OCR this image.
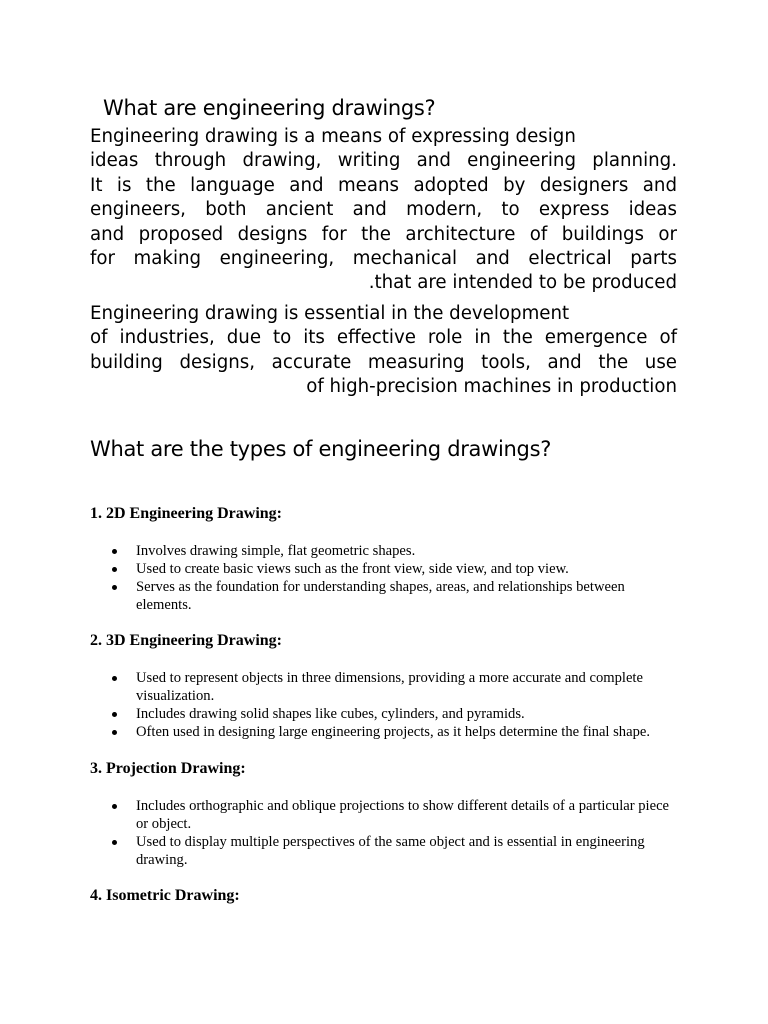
What are engineering drawings?
Engineering drawing is a means of expressing design
ideas through drawing, writing and engineering planning.
It is the language and means adopted by designers and
engineers, both ancient and modern, to express ideas
and proposed designs for the architecture of buildings or
for making engineering, mechanical and electrical parts
.that are intended to be produced
Engineering drawing is essential in the development
of industries, due to its effective role in the emergence of
building designs, accurate measuring tools, and the use
of high-precision machines in production
What are the types of engineering drawings?
1. 2D Engineering Drawing:
Involves drawing simple, flat geometric shapes.
Used to create basic views such as the front view, side view, and top view.
Serves as the foundation for understanding shapes, areas, and relationships between elements.
2. 3D Engineering Drawing:
Used to represent objects in three dimensions, providing a more accurate and complete visualization.
Includes drawing solid shapes like cubes, cylinders, and pyramids.
Often used in designing large engineering projects, as it helps determine the final shape.
3. Projection Drawing:
Includes orthographic and oblique projections to show different details of a particular piece or object.
Used to display multiple perspectives of the same object and is essential in engineering drawing.
4. Isometric Drawing:
